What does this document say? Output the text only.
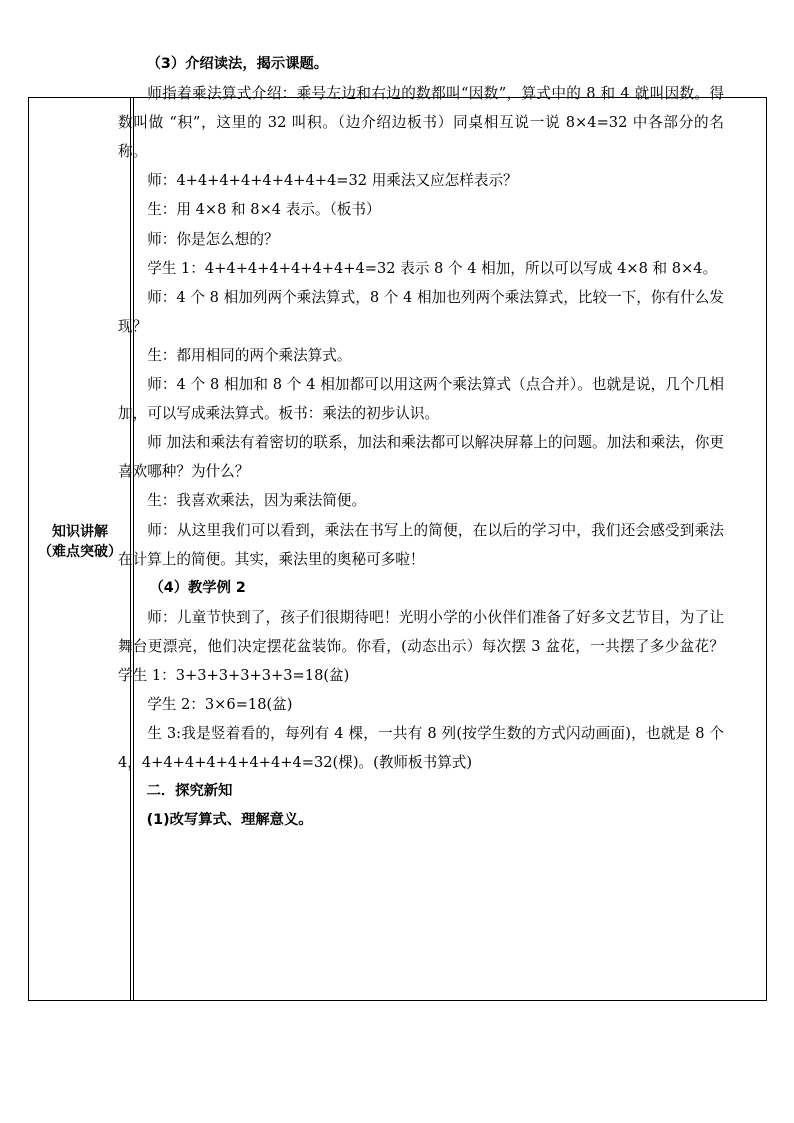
知识讲解
（难点突破）

（3）介绍读法，揭示课题。

师指着乘法算式介绍：乘号左边和右边的数都叫“因数”，算式中的 8 和 4 就叫因数。得数叫做 “积”，这里的 32 叫积。（边介绍边板书）同桌相互说一说 8×4=32 中各部分的名称。

师：4+4+4+4+4+4+4+4=32 用乘法又应怎样表示？

生：用 4×8 和 8×4 表示。（板书）

师：你是怎么想的？

学生 1：4+4+4+4+4+4+4+4=32 表示 8 个 4 相加，所以可以写成 4×8 和 8×4。

师：4 个 8 相加列两个乘法算式，8 个 4 相加也列两个乘法算式，比较一下，你有什么发现？

生：都用相同的两个乘法算式。

师：4 个 8 相加和 8 个 4 相加都可以用这两个乘法算式（点合并）。也就是说，几个几相加，可以写成乘法算式。板书：乘法的初步认识。

师 加法和乘法有着密切的联系，加法和乘法都可以解决屏幕上的问题。加法和乘法，你更喜欢哪种？为什么？

生：我喜欢乘法，因为乘法简便。

师：从这里我们可以看到，乘法在书写上的简便，在以后的学习中，我们还会感受到乘法在计算上的简便。其实，乘法里的奥秘可多啦！

（4）教学例 2

师：儿童节快到了，孩子们很期待吧！光明小学的小伙伴们准备了好多文艺节目，为了让舞台更漂亮，他们决定摆花盆装饰。你看，(动态出示）每次摆 3 盆花，一共摆了多少盆花？学生 1：3+3+3+3+3+3=18(盆)

学生 2：3×6=18(盆)

生 3:我是竖着看的，每列有 4 棵，一共有 8 列(按学生数的方式闪动画面)，也就是 8 个 4，4+4+4+4+4+4+4+4=32(棵)。(教师板书算式)

二．探究新知

(1)改写算式、理解意义。
